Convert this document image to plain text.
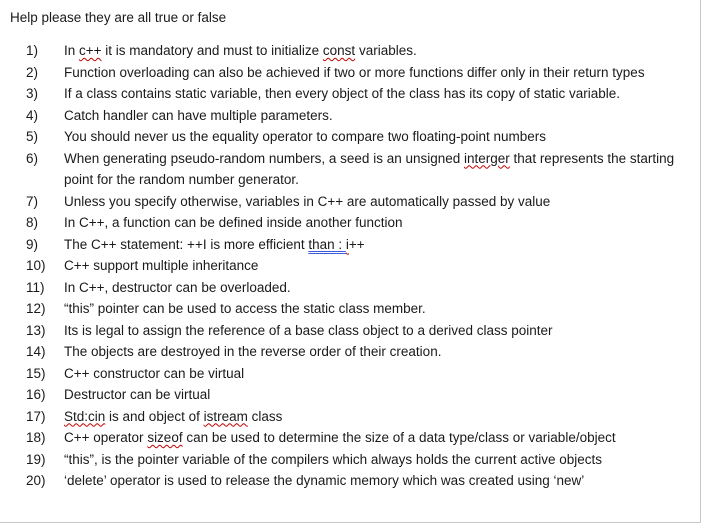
Help please they are all true or false
1)	In c++ it is mandatory and must to initialize const variables.
2)	Function overloading can also be achieved if two or more functions differ only in their return types
3)	If a class contains static variable, then every object of the class has its copy of static variable.
4)	Catch handler can have multiple parameters.
5)	You should never us the equality operator to compare two floating-point numbers
6)	When generating pseudo-random numbers, a seed is an unsigned interger that represents the starting point for the random number generator.
7)	Unless you specify otherwise, variables in C++ are automatically passed by value
8)	In C++, a function can be defined inside another function
9)	The C++ statement: ++I is more efficient than : i++
10)	C++ support multiple inheritance
11)	In C++, destructor can be overloaded.
12)	“this” pointer can be used to access the static class member.
13)	Its is legal to assign the reference of a base class object to a derived class pointer
14)	The objects are destroyed in the reverse order of their creation.
15)	C++ constructor can be virtual
16)	Destructor can be virtual
17)	Std:cin is and object of istream class
18)	C++ operator sizeof can be used to determine the size of a data type/class or variable/object
19)	“this”, is the pointer variable of the compilers which always holds the current active objects
20)	‘delete’ operator is used to release the dynamic memory which was created using ‘new’
